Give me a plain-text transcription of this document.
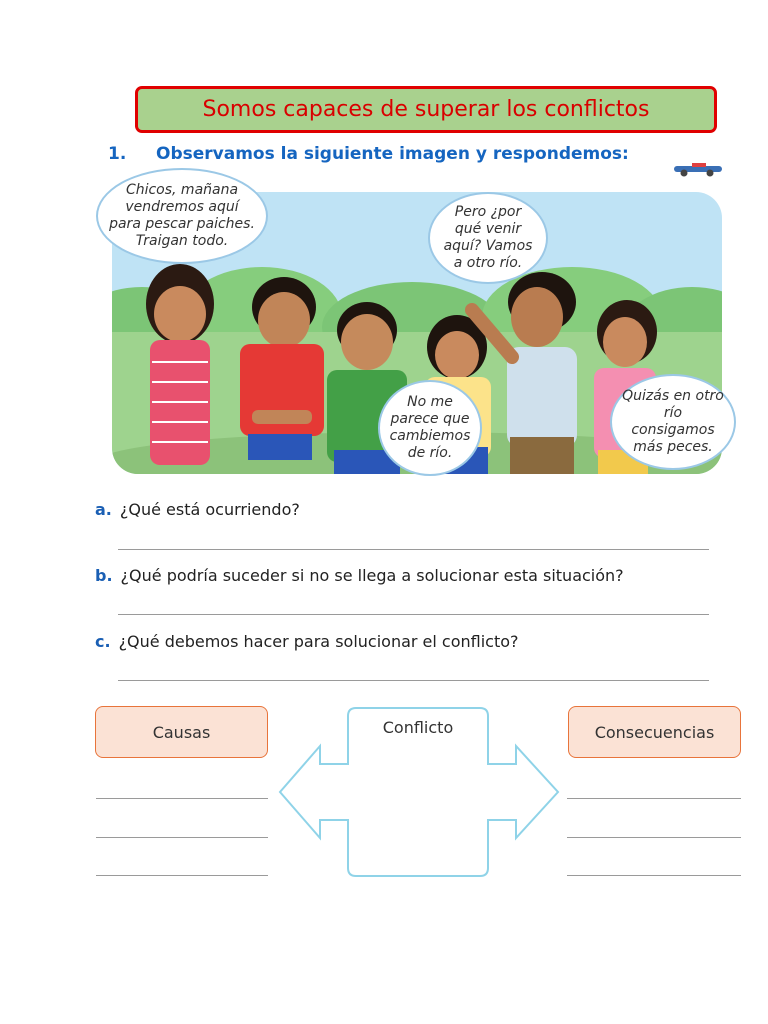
Somos capaces de superar los conflictos
1. Observamos la siguiente imagen y respondemos:
Chicos, mañana vendremos aquí para pescar paiches. Traigan todo.
Pero ¿por qué venir aquí? Vamos a otro río.
No me parece que cambiemos de río.
Quizás en otro río consigamos más peces.
a. ¿Qué está ocurriendo?
b. ¿Qué podría suceder si no se llega a solucionar esta situación?
c. ¿Qué debemos hacer para solucionar el conflicto?
Causas	Consecuencias
Conflicto
